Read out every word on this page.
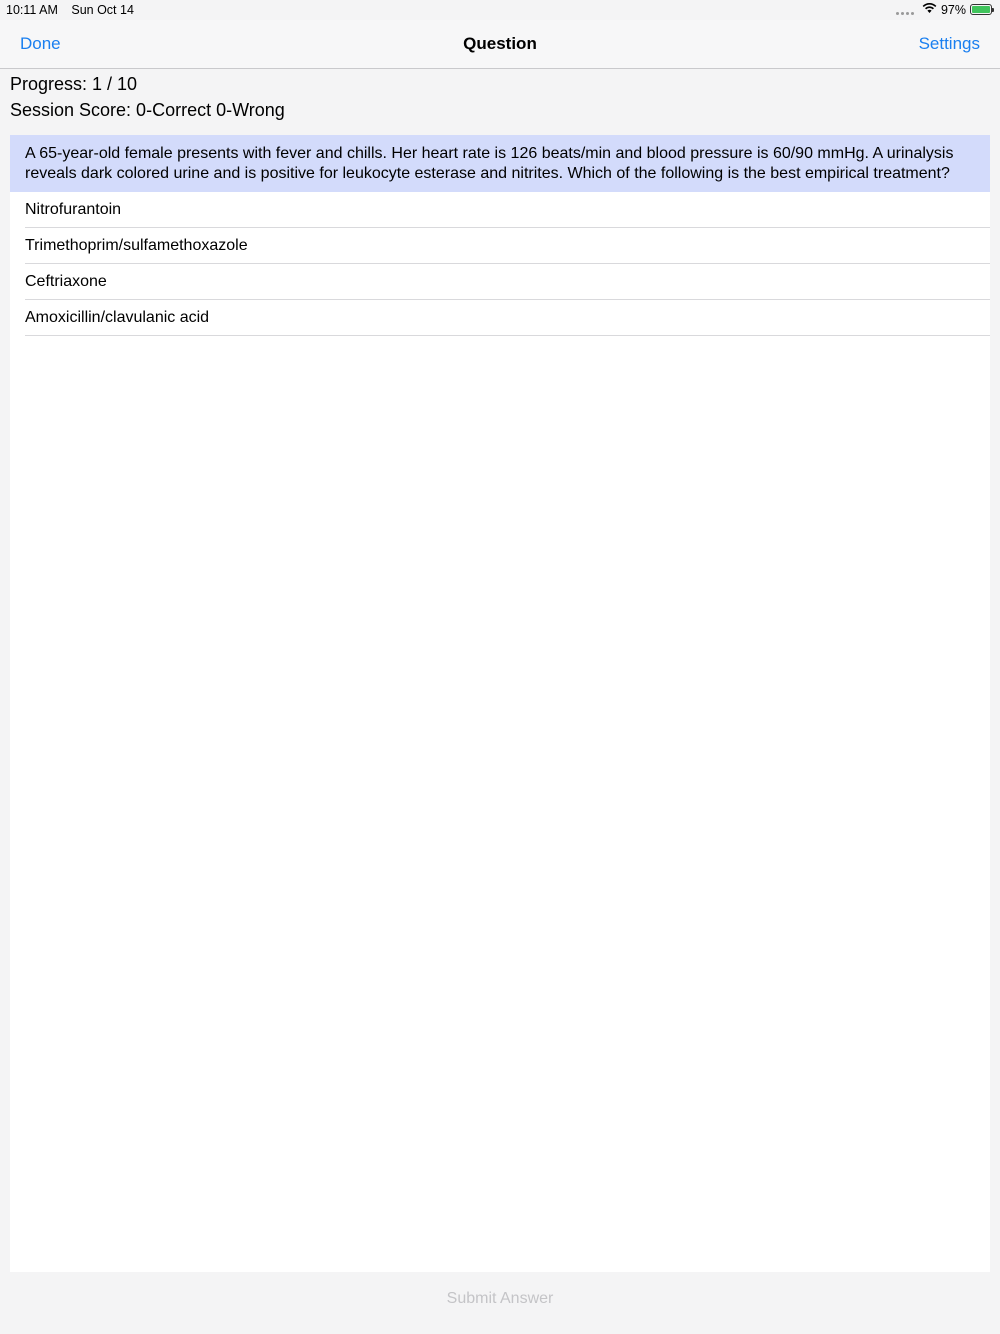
10:11 AM Sun Oct 14	97%
Done	Question	Settings
Progress: 1 / 10
Session Score: 0-Correct 0-Wrong
A 65-year-old female presents with fever and chills. Her heart rate is 126 beats/min and blood pressure is 60/90 mmHg. A urinalysis reveals dark colored urine and is positive for leukocyte esterase and nitrites. Which of the following is the best empirical treatment?
Nitrofurantoin
Trimethoprim/sulfamethoxazole
Ceftriaxone
Amoxicillin/clavulanic acid
Submit Answer
